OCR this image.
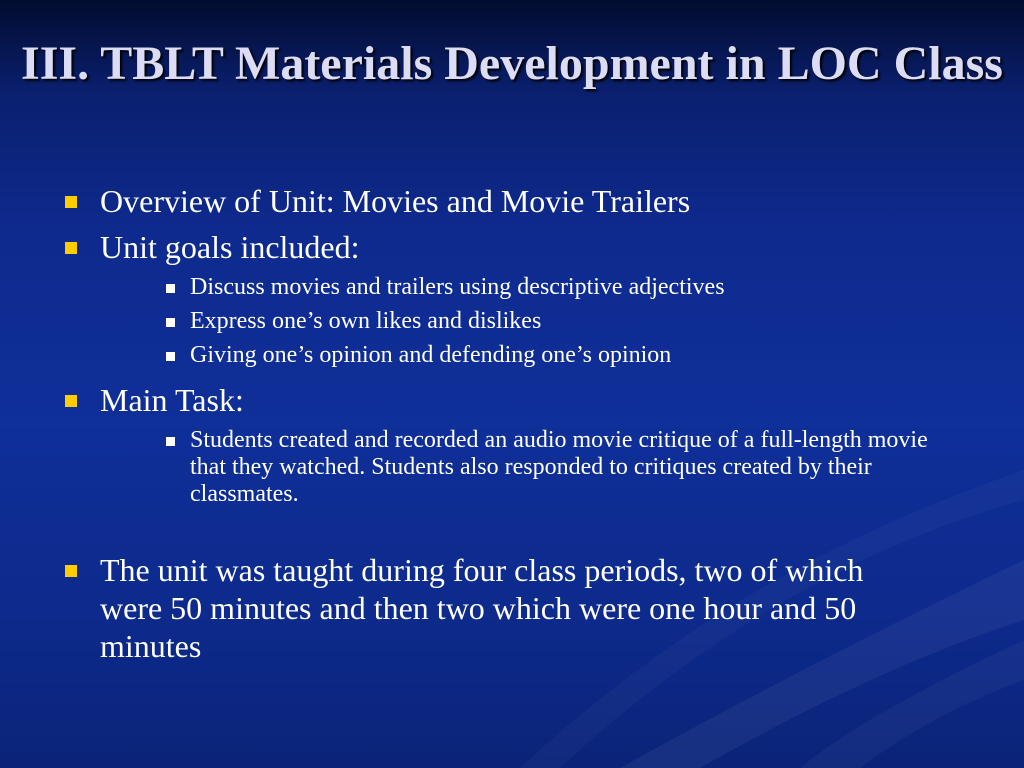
III. TBLT Materials Development in LOC Class
Overview of Unit: Movies and Movie Trailers
Unit goals included:
Discuss movies and trailers using descriptive adjectives
Express one’s own likes and dislikes
Giving one’s opinion and defending one’s opinion
Main Task:
Students created and recorded an audio movie critique of a full-length movie that they watched. Students also responded to critiques created by their classmates.
The unit was taught during four class periods, two of which were 50 minutes and then two which were one hour and 50 minutes
